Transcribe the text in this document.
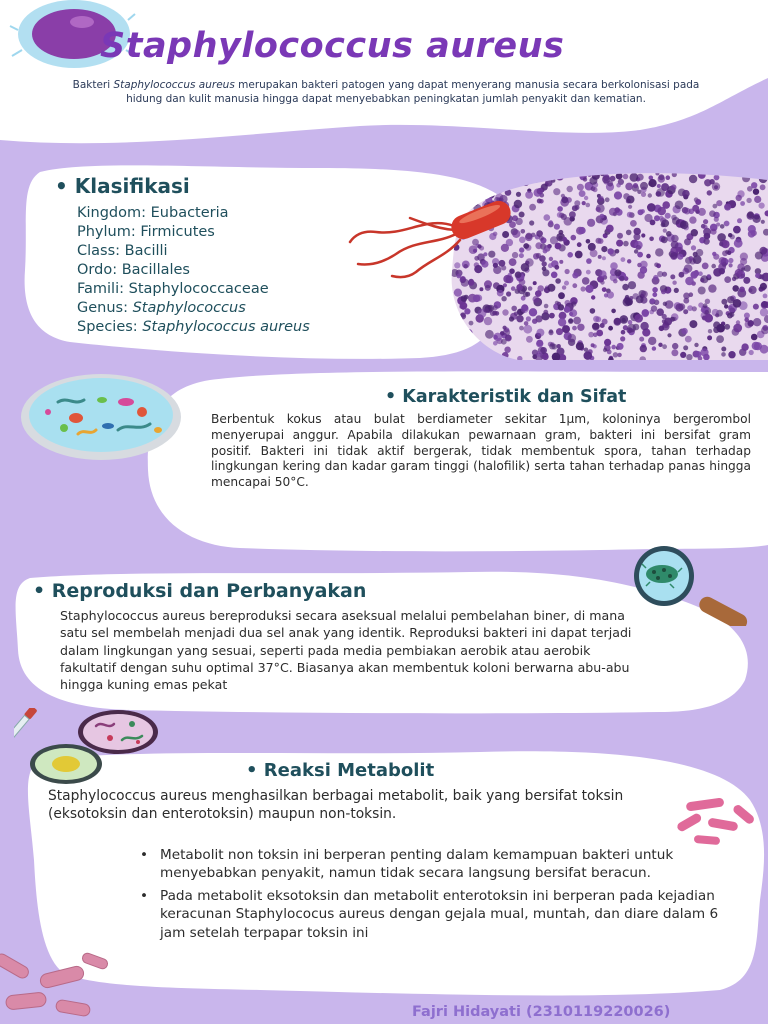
Staphylococcus aureus
Bakteri Staphylococcus aureus merupakan bakteri patogen yang dapat menyerang manusia secara berkolonisasi pada hidung dan kulit manusia hingga dapat menyebabkan peningkatan jumlah penyakit dan kematian.
• Klasifikasi
Kingdom: Eubacteria
Phylum: Firmicutes
Class: Bacilli
Ordo: Bacillales
Famili: Staphylococcaceae
Genus: Staphylococcus
Species: Staphylococcus aureus
• Karakteristik dan Sifat

Berbentuk kokus atau bulat berdiameter sekitar 1µm, koloninya bergerombol menyerupai anggur. Apabila dilakukan pewarnaan gram, bakteri ini bersifat gram positif. Bakteri ini tidak aktif bergerak, tidak membentuk spora, tahan terhadap lingkungan kering dan kadar garam tinggi (halofilik) serta tahan terhadap panas hingga mencapai 50°C.

• Reproduksi dan Perbanyakan

Staphylococcus aureus bereproduksi secara aseksual melalui pembelahan biner, di mana satu sel membelah menjadi dua sel anak yang identik. Reproduksi bakteri ini dapat terjadi dalam lingkungan yang sesuai, seperti pada media pembiakan aerobik atau aerobik fakultatif dengan suhu optimal 37°C. Biasanya akan membentuk koloni berwarna abu-abu hingga kuning emas pekat

• Reaksi Metabolit

Staphylococcus aureus menghasilkan berbagai metabolit, baik yang bersifat toksin (eksotoksin dan enterotoksin) maupun non-toksin.

• Metabolit non toksin ini berperan penting dalam kemampuan bakteri untuk menyebabkan penyakit, namun tidak secara langsung bersifat beracun.
• Pada metabolit eksotoksin dan metabolit enterotoksin ini berperan pada kejadian keracunan Staphylococus aureus dengan gejala mual, muntah, dan diare dalam 6 jam setelah terpapar toksin ini
Fajri Hidayati (2310119220026)
